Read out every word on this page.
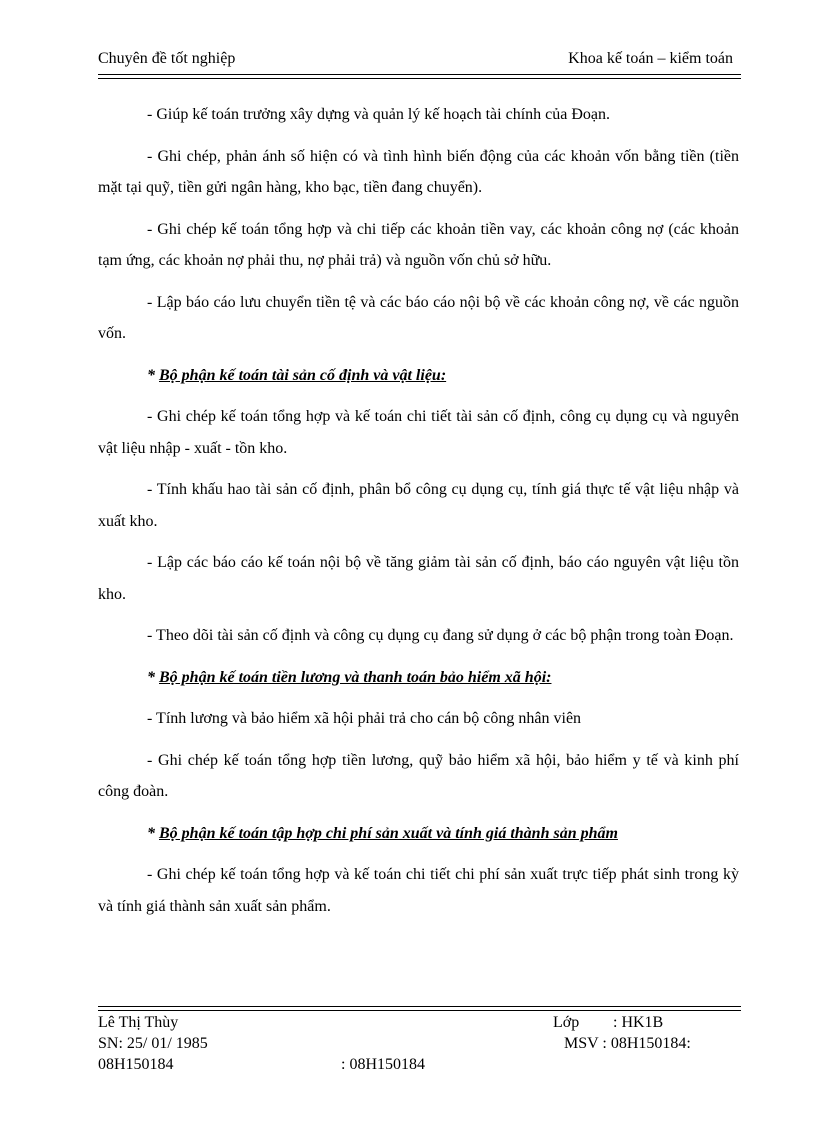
Chuyên đề tốt nghiệp	Khoa kế toán – kiểm toán

- Giúp kế toán trưởng xây dựng và quản lý kế hoạch tài chính của Đoạn.

- Ghi chép, phản ánh số hiện có và tình hình biến động của các khoản vốn bằng tiền (tiền mặt tại quỹ, tiền gửi ngân hàng, kho bạc, tiền đang chuyển).

- Ghi chép kế toán tổng hợp và chi tiếp các khoản tiền vay, các khoản công nợ (các khoản tạm ứng, các khoản nợ phải thu, nợ phải trả) và nguồn vốn chủ sở hữu.

- Lập báo cáo lưu chuyển tiền tệ và các báo cáo nội bộ về các khoản công nợ, về các nguồn vốn.

* Bộ phận kế toán tài sản cố định và vật liệu:

- Ghi chép kế toán tổng hợp và kế toán chi tiết tài sản cố định, công cụ dụng cụ và nguyên vật liệu nhập - xuất - tồn kho.

- Tính khấu hao tài sản cố định, phân bổ công cụ dụng cụ, tính giá thực tế vật liệu nhập và xuất kho.

- Lập các báo cáo kế toán nội bộ về tăng giảm tài sản cố định, báo cáo nguyên vật liệu tồn kho.

- Theo dõi tài sản cố định và công cụ dụng cụ đang sử dụng ở các bộ phận trong toàn Đoạn.

* Bộ phận kế toán tiền lương và thanh toán bảo hiểm xã hội:

- Tính lương và bảo hiểm xã hội phải trả cho cán bộ công nhân viên

- Ghi chép kế toán tổng hợp tiền lương, quỹ bảo hiểm xã hội, bảo hiểm y tế và kinh phí công đoàn.

* Bộ phận kế toán tập hợp chi phí sản xuất và tính giá thành sản phẩm

- Ghi chép kế toán tổng hợp và kế toán chi tiết chi phí sản xuất trực tiếp phát sinh trong kỳ và tính giá thành sản xuất sản phẩm.

Lê Thị Thùy	Lớp : HK1B
SN: 25/ 01/ 1985	MSV : 08H150184:
08H150184	: 08H150184
